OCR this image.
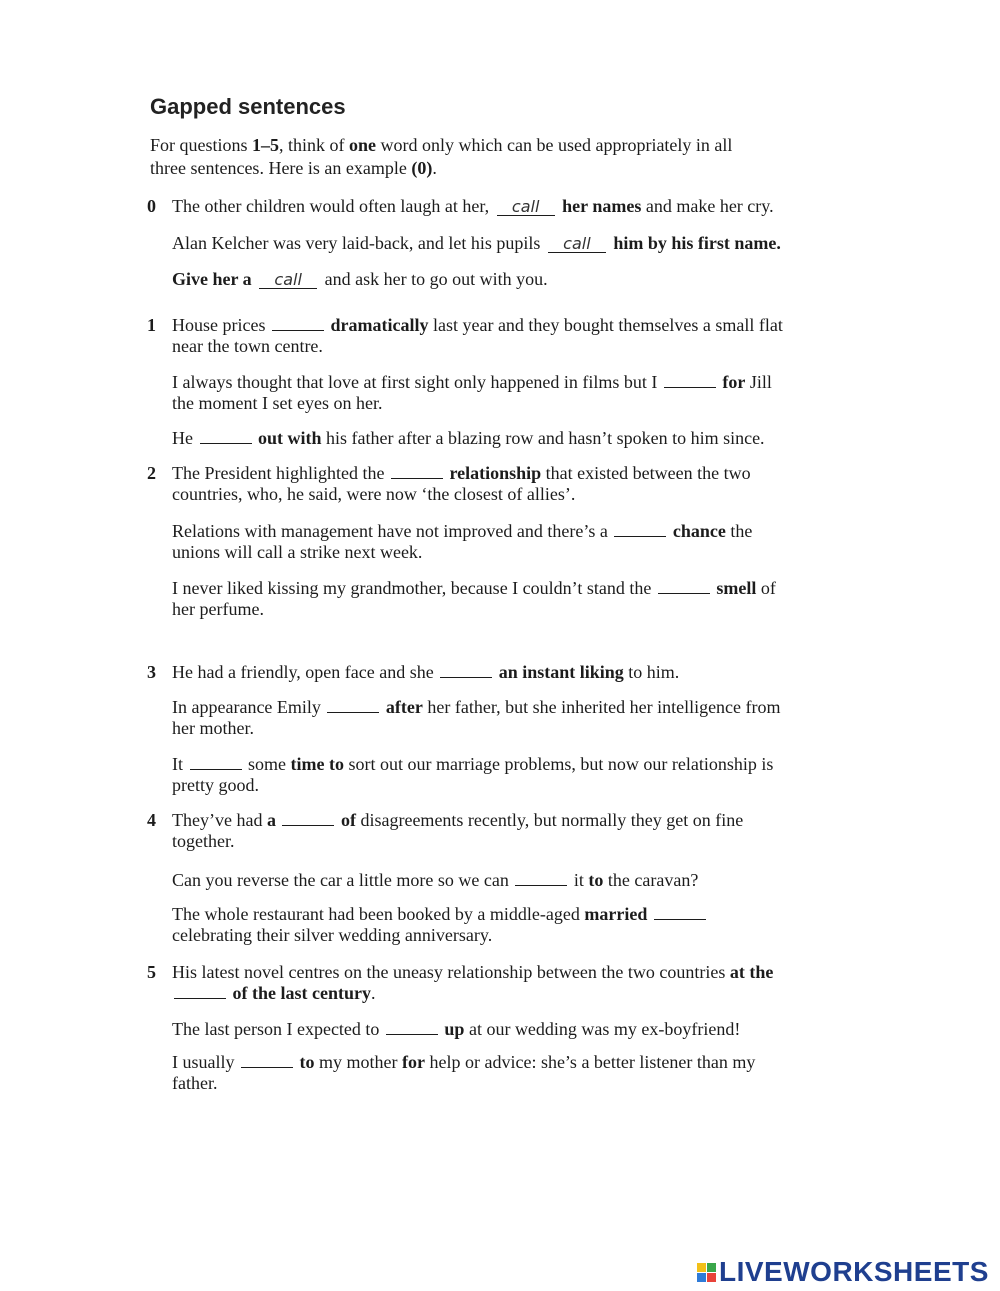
Gapped sentences
For questions 1–5, think of one word only which can be used appropriately in all
three sentences. Here is an example (0).
0 The other children would often laugh at her, call her names and make her cry.
Alan Kelcher was very laid-back, and let his pupils call him by his first name.
Give her a call and ask her to go out with you.
1 House prices	dramatically last year and they bought themselves a small flat
near the town centre.
I always thought that love at first sight only happened in films but I	for Jill
the moment I set eyes on her.
He	out with his father after a blazing row and hasn’t spoken to him since.
2 The President highlighted the	relationship that existed between the two
countries, who, he said, were now ‘the closest of allies’.
Relations with management have not improved and there’s a	chance the
unions will call a strike next week.
I never liked kissing my grandmother, because I couldn’t stand the	smell of
her perfume.
3 He had a friendly, open face and she	an instant liking to him.
In appearance Emily	after her father, but she inherited her intelligence from
her mother.
It	some time to sort out our marriage problems, but now our relationship is
pretty good.
4 They’ve had a	of disagreements recently, but normally they get on fine
together.
Can you reverse the car a little more so we can	it to the caravan?
The whole restaurant had been booked by a middle-aged married
celebrating their silver wedding anniversary.
5 His latest novel centres on the uneasy relationship between the two countries at the
of the last century.
The last person I expected to	up at our wedding was my ex-boyfriend!
I usually	to my mother for help or advice: she’s a better listener than my
father.
LIVEWORKSHEETS
